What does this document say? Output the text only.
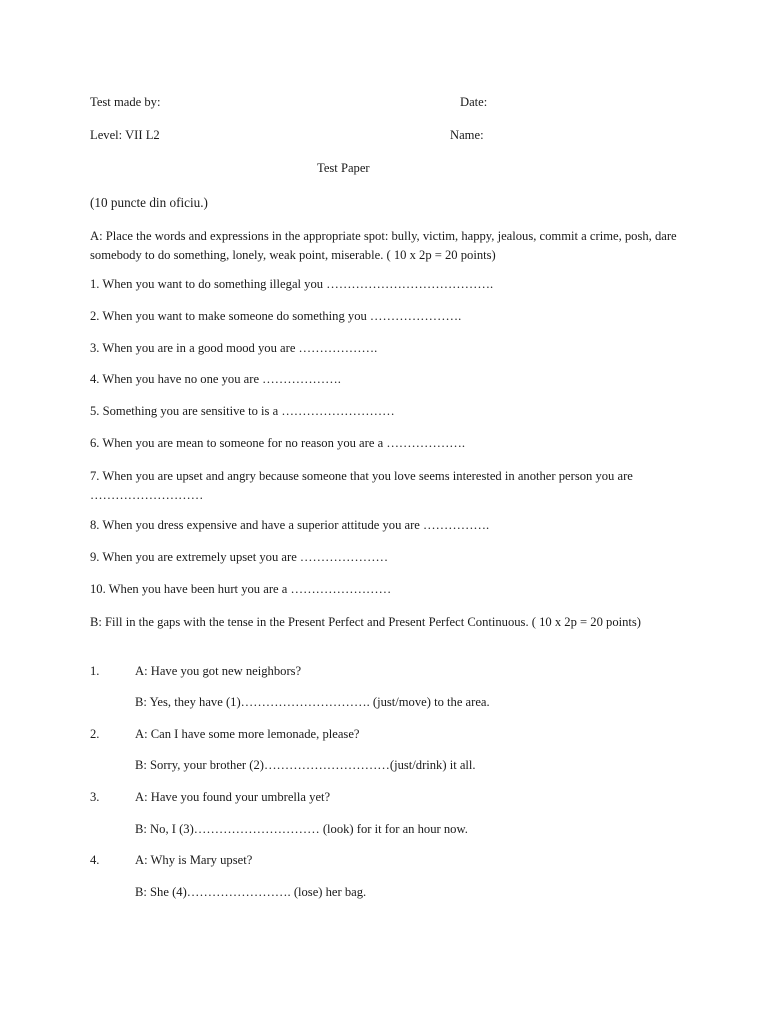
Test made by:	Date:
Level: VII L2	Name:
Test Paper
(10 puncte din oficiu.)
A: Place the words and expressions in the appropriate spot: bully, victim, happy, jealous, commit a crime, posh, dare somebody to do something, lonely, weak point, miserable. ( 10 x 2p = 20 points)
1. When you want to do something illegal you ………………………………….
2. When you want to make someone do something you ………………….
3. When you are in a good mood you are ……………….
4. When you have no one you are ……………….
5. Something you are sensitive to is a ………………………
6. When you are mean to someone for no reason you are a ……………….
7. When you are upset and angry because someone that you love seems interested in another person you are ………………………
8. When you dress expensive and have a superior attitude you are …………….
9. When you are extremely upset you are …………………
10. When you have been hurt you are a ……………………
B: Fill in the gaps with the tense in the Present Perfect and Present Perfect Continuous. ( 10 x 2p = 20 points)
1.	A: Have you got new neighbors?
B: Yes, they have (1)…………………………. (just/move) to the area.
2.	A: Can I have some more lemonade, please?
B: Sorry, your brother (2)…………………………(just/drink) it all.
3.	A: Have you found your umbrella yet?
B: No, I (3)………………………… (look) for it for an hour now.
4.	A: Why is Mary upset?
B: She (4)……………………. (lose) her bag.
